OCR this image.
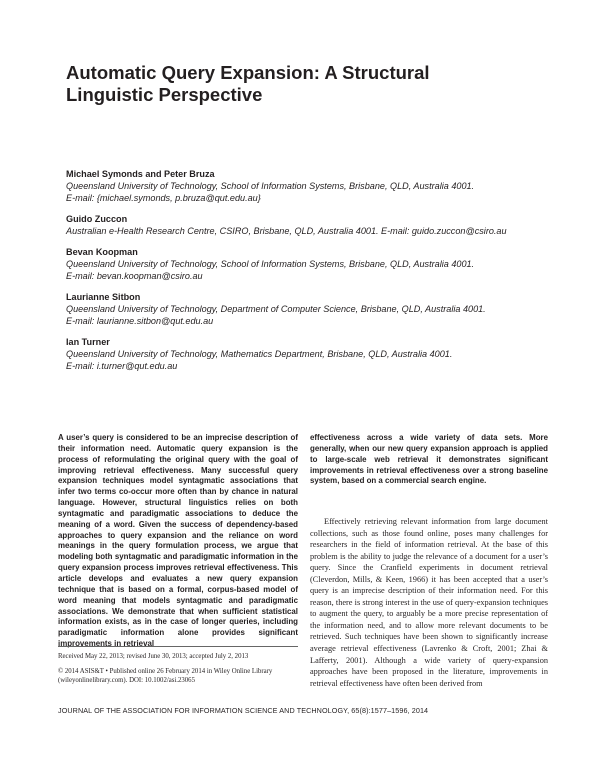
Automatic Query Expansion: A Structural
Linguistic Perspective
Michael Symonds and Peter Bruza
Queensland University of Technology, School of Information Systems, Brisbane, QLD, Australia 4001.
E-mail: {michael.symonds, p.bruza@qut.edu.au}
Guido Zuccon
Australian e-Health Research Centre, CSIRO, Brisbane, QLD, Australia 4001. E-mail: guido.zuccon@csiro.au
Bevan Koopman
Queensland University of Technology, School of Information Systems, Brisbane, QLD, Australia 4001.
E-mail: bevan.koopman@csiro.au
Laurianne Sitbon
Queensland University of Technology, Department of Computer Science, Brisbane, QLD, Australia 4001.
E-mail: laurianne.sitbon@qut.edu.au
Ian Turner
Queensland University of Technology, Mathematics Department, Brisbane, QLD, Australia 4001.
E-mail: i.turner@qut.edu.au
A user’s query is considered to be an imprecise description of their information need. Automatic query expansion is the process of reformulating the original query with the goal of improving retrieval effectiveness. Many successful query expansion techniques model syntagmatic associations that infer two terms co-occur more often than by chance in natural language. However, structural linguistics relies on both syntagmatic and paradigmatic associations to deduce the meaning of a word. Given the success of dependency-based approaches to query expansion and the reliance on word meanings in the query formulation process, we argue that modeling both syntagmatic and paradigmatic information in the query expansion process improves retrieval effectiveness. This article develops and evaluates a new query expansion technique that is based on a formal, corpus-based model of word meaning that models syntagmatic and paradigmatic associations. We demonstrate that when sufficient statistical information exists, as in the case of longer queries, including paradigmatic information alone provides significant improvements in retrieval
effectiveness across a wide variety of data sets. More generally, when our new query expansion approach is applied to large-scale web retrieval it demonstrates significant improvements in retrieval effectiveness over a strong baseline system, based on a commercial search engine.

Effectively retrieving relevant information from large document collections, such as those found online, poses many challenges for researchers in the field of information retrieval. At the base of this problem is the ability to judge the relevance of a document for a user’s query. Since the Cranfield experiments in document retrieval (Cleverdon, Mills, & Keen, 1966) it has been accepted that a user’s query is an imprecise description of their information need. For this reason, there is strong interest in the use of query-expansion techniques to augment the query, to arguably be a more precise representation of the information need, and to allow more relevant documents to be retrieved. Such techniques have been shown to significantly increase average retrieval effectiveness (Lavrenko & Croft, 2001; Zhai & Lafferty, 2001). Although a wide variety of query-expansion approaches have been proposed in the literature, improvements in retrieval effectiveness have often been derived from

Received May 22, 2013; revised June 30, 2013; accepted July 2, 2013
© 2014 ASIS&T • Published online 26 February 2014 in Wiley Online Library (wileyonlinelibrary.com). DOI: 10.1002/asi.23065
JOURNAL OF THE ASSOCIATION FOR INFORMATION SCIENCE AND TECHNOLOGY, 65(8):1577–1596, 2014
